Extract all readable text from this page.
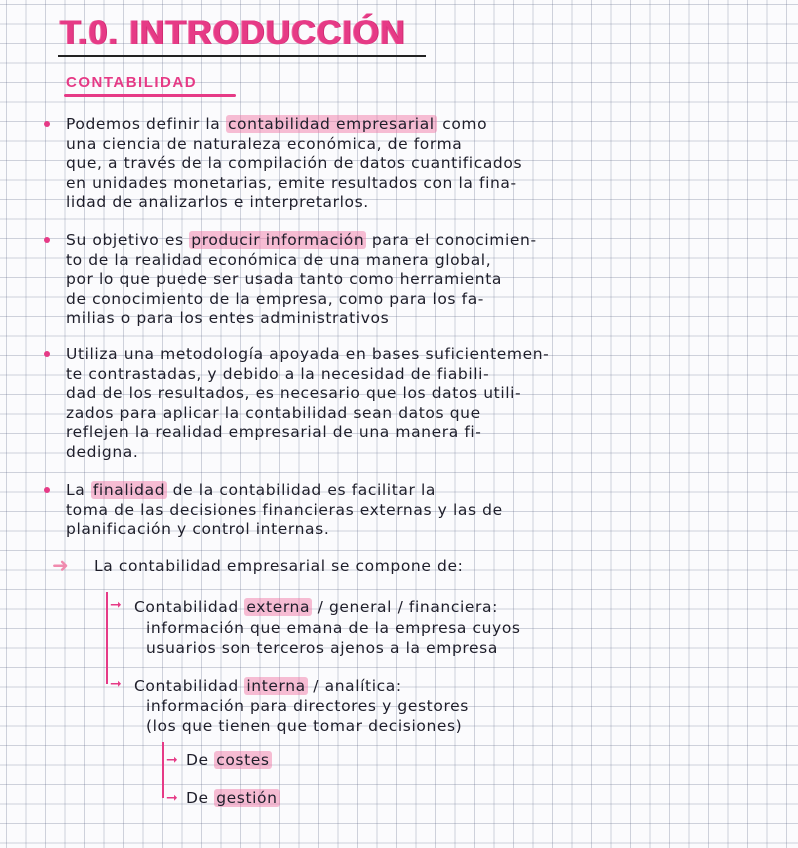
T.0. INTRODUCCIÓN
CONTABILIDAD
Podemos definir la contabilidad empresarial como
una ciencia de naturaleza económica, de forma
que, a través de la compilación de datos cuantificados
en unidades monetarias, emite resultados con la fina-
lidad de analizarlos e interpretarlos.
Su objetivo es producir información para el conocimien-
to de la realidad económica de una manera global,
por lo que puede ser usada tanto como herramienta
de conocimiento de la empresa, como para los fa-
milias o para los entes administrativos
Utiliza una metodología apoyada en bases suficientemen-
te contrastadas, y debido a la necesidad de fiabili-
dad de los resultados, es necesario que los datos utili-
zados para aplicar la contabilidad sean datos que
reflejen la realidad empresarial de una manera fi-
dedigna.
La finalidad de la contabilidad es facilitar la
toma de las decisiones financieras externas y las de
planificación y control internas.
➜ La contabilidad empresarial se compone de:
➞
➞
Contabilidad externa / general / financiera:
información que emana de la empresa cuyos
usuarios son terceros ajenos a la empresa
Contabilidad interna / analítica:
información para directores y gestores
(los que tienen que tomar decisiones)
➞
➞
De costes
De gestión
